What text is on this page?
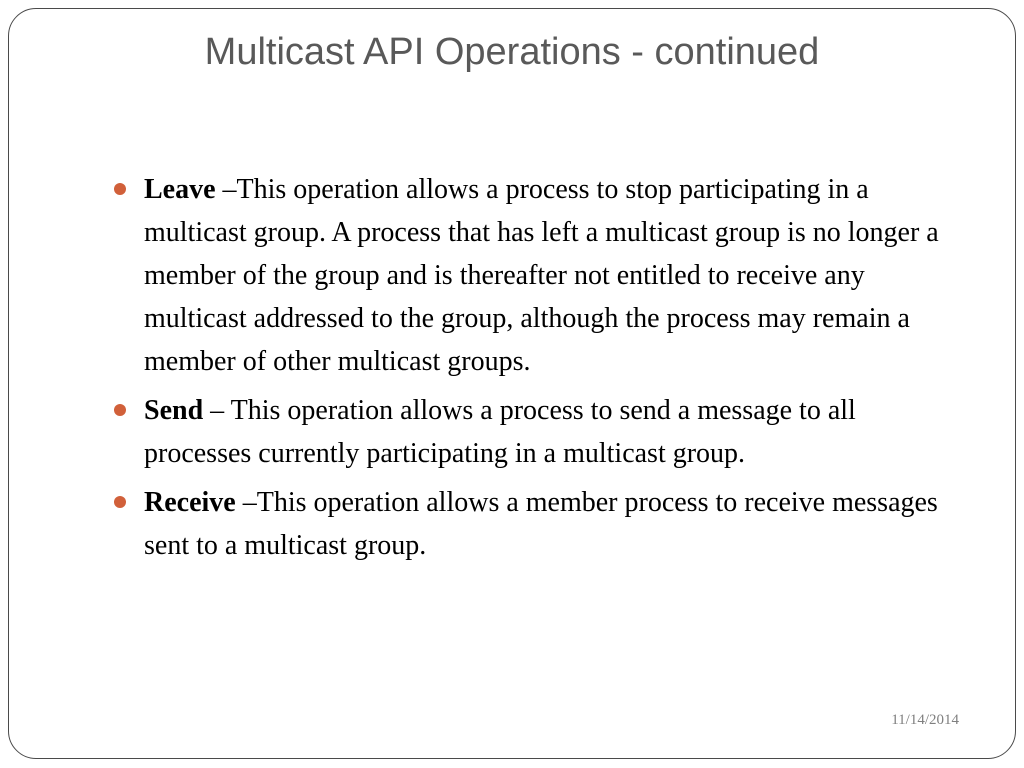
Multicast API Operations - continued
Leave –This operation allows a process to stop participating in a multicast group. A process that has left a multicast group is no longer a member of the group and is thereafter not entitled to receive any multicast addressed to the group, although the process may remain a member of other multicast groups.
Send – This operation allows a process to send a message to all processes currently participating in a multicast group.
Receive –This operation allows a member process to receive messages sent to a multicast group.
11/14/2014
